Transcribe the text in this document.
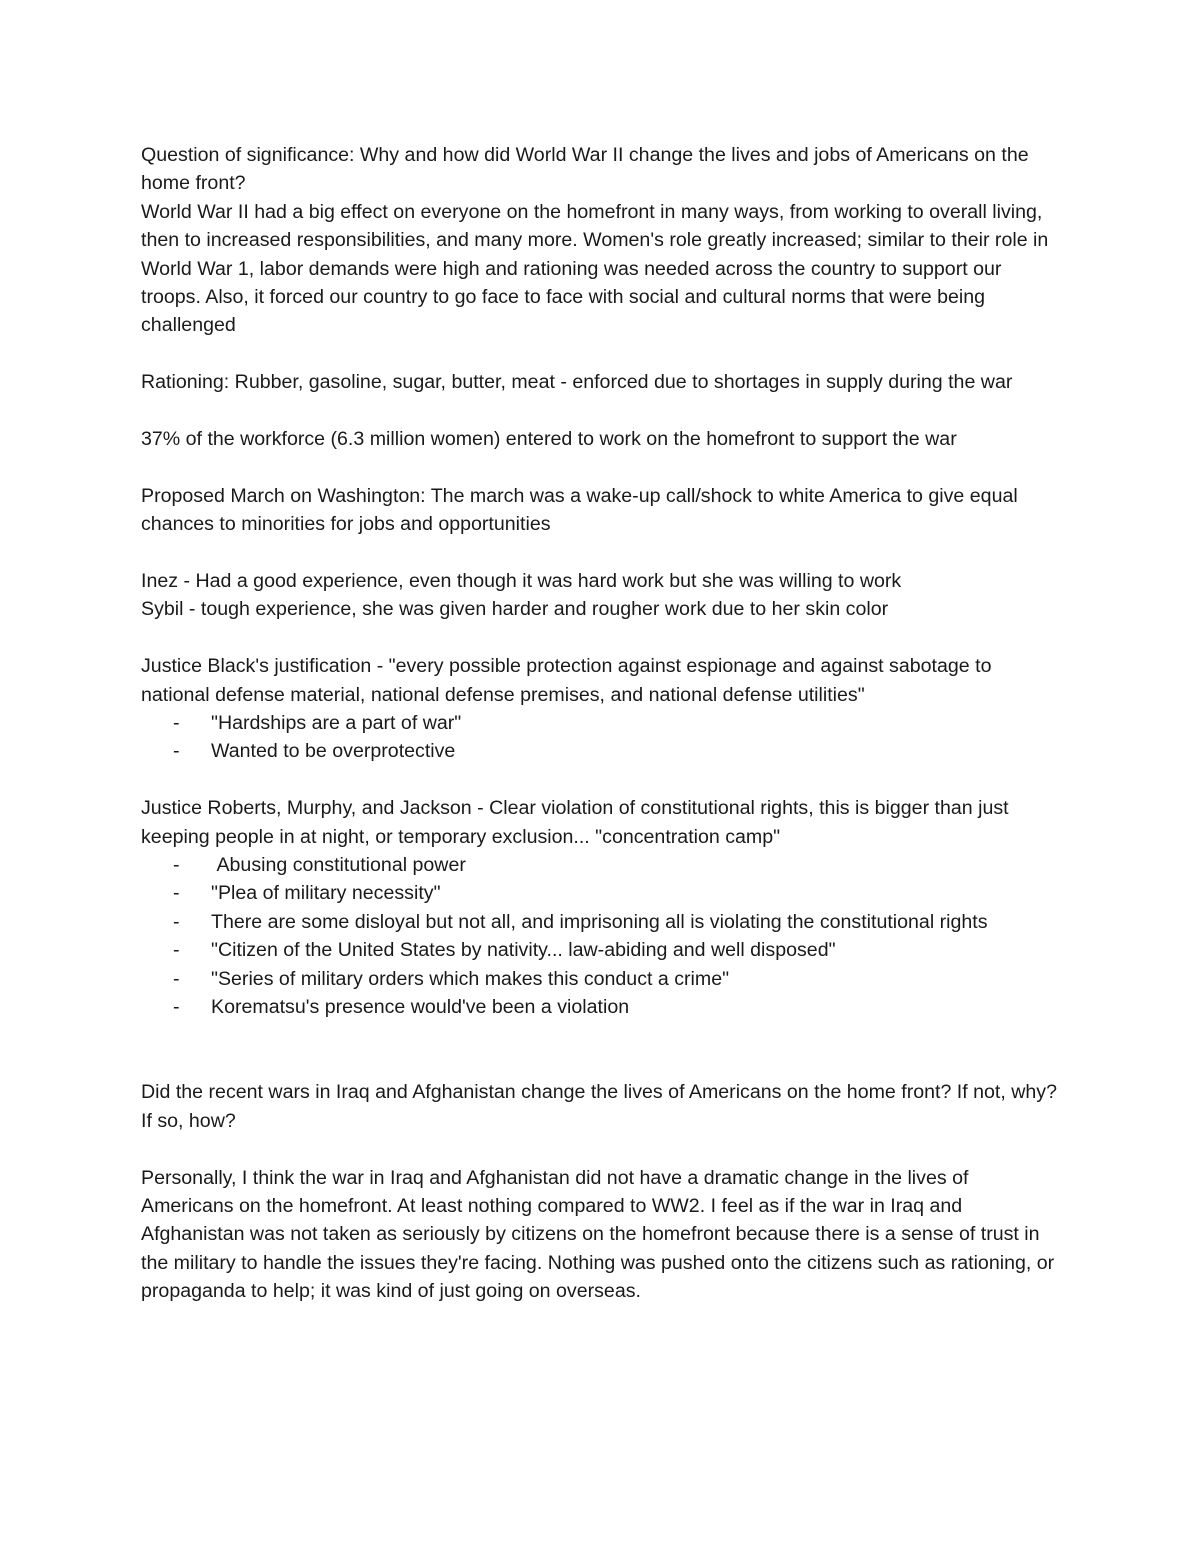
Question of significance: Why and how did World War II change the lives and jobs of Americans on the home front?

World War II had a big effect on everyone on the homefront in many ways, from working to overall living, then to increased responsibilities, and many more. Women's role greatly increased; similar to their role in World War 1, labor demands were high and rationing was needed across the country to support our troops. Also, it forced our country to go face to face with social and cultural norms that were being challenged

Rationing: Rubber, gasoline, sugar, butter, meat - enforced due to shortages in supply during the war

37% of the workforce (6.3 million women) entered to work on the homefront to support the war

Proposed March on Washington: The march was a wake-up call/shock to white America to give equal chances to minorities for jobs and opportunities

Inez - Had a good experience, even though it was hard work but she was willing to work

Sybil - tough experience, she was given harder and rougher work due to her skin color

Justice Black's justification - "every possible protection against espionage and against sabotage to national defense material, national defense premises, and national defense utilities"

- "Hardships are a part of war"
- Wanted to be overprotective

Justice Roberts, Murphy, and Jackson - Clear violation of constitutional rights, this is bigger than just keeping people in at night, or temporary exclusion... "concentration camp"

- Abusing constitutional power
- "Plea of military necessity"
- There are some disloyal but not all, and imprisoning all is violating the constitutional rights
- "Citizen of the United States by nativity... law-abiding and well disposed"
- "Series of military orders which makes this conduct a crime"
- Korematsu's presence would've been a violation

Did the recent wars in Iraq and Afghanistan change the lives of Americans on the home front? If not, why? If so, how?

Personally, I think the war in Iraq and Afghanistan did not have a dramatic change in the lives of Americans on the homefront. At least nothing compared to WW2. I feel as if the war in Iraq and Afghanistan was not taken as seriously by citizens on the homefront because there is a sense of trust in the military to handle the issues they're facing. Nothing was pushed onto the citizens such as rationing, or propaganda to help; it was kind of just going on overseas.
